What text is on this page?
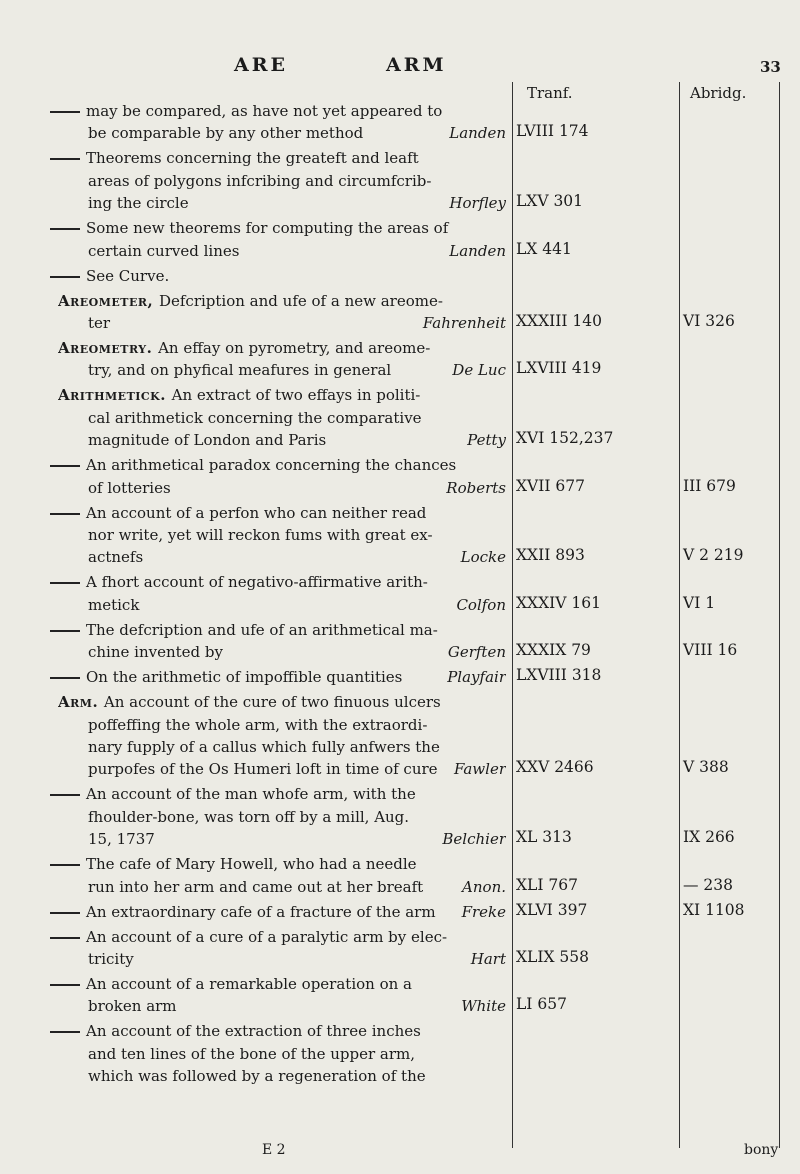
ARE	ARM	33
Tranf.	Abridg.
may be compared, as have not yet appeared to
be comparable by any other method	Landen LVIII 174
Theorems concerning the greateft and leaft
areas of polygons infcribing and circumfcrib-
ing the circle	Horfley LXV 301
Some new theorems for computing the areas of
certain curved lines	Landen LX 441
See Curve.
Areometer, Defcription and ufe of a new areome-
ter	Fahrenheit XXXIII 140	VI 326
Areometry. An effay on pyrometry, and areome-
try, and on phyfical meafures in general	De Luc LXVIII 419
Arithmetick. An extract of two effays in politi-
cal arithmetick concerning the comparative
magnitude of London and Paris	Petty XVI 152,237
An arithmetical paradox concerning the chances
of lotteries	Roberts XVII 677	III 679
An account of a perfon who can neither read
nor write, yet will reckon fums with great ex-
actnefs	Locke XXII 893	V 2 219
A fhort account of negativo-affirmative arith-
metick	Colfon XXXIV 161	VI 1
The defcription and ufe of an arithmetical ma-
chine invented by	Gerften XXXIX 79	VIII 16
On the arithmetic of impoffible quantities	Playfair LXVIII 318
Arm. An account of the cure of two finuous ulcers
poffeffing the whole arm, with the extraordi-
nary fupply of a callus which fully anfwers the
purpofes of the Os Humeri loft in time of cure Fawler XXV 2466	V 388
An account of the man whofe arm, with the
fhoulder-bone, was torn off by a mill, Aug.
15, 1737	Belchier XL 313	IX 266
The cafe of Mary Howell, who had a needle
run into her arm and came out at her breaft	Anon. XLI 767	— 238
An extraordinary cafe of a fracture of the arm Freke XLVI 397	XI 1108
An account of a cure of a paralytic arm by elec-
tricity	Hart XLIX 558
An account of a remarkable operation on a
broken arm	White LI 657
An account of the extraction of three inches
and ten lines of the bone of the upper arm,
which was followed by a regeneration of the
E 2	bony
